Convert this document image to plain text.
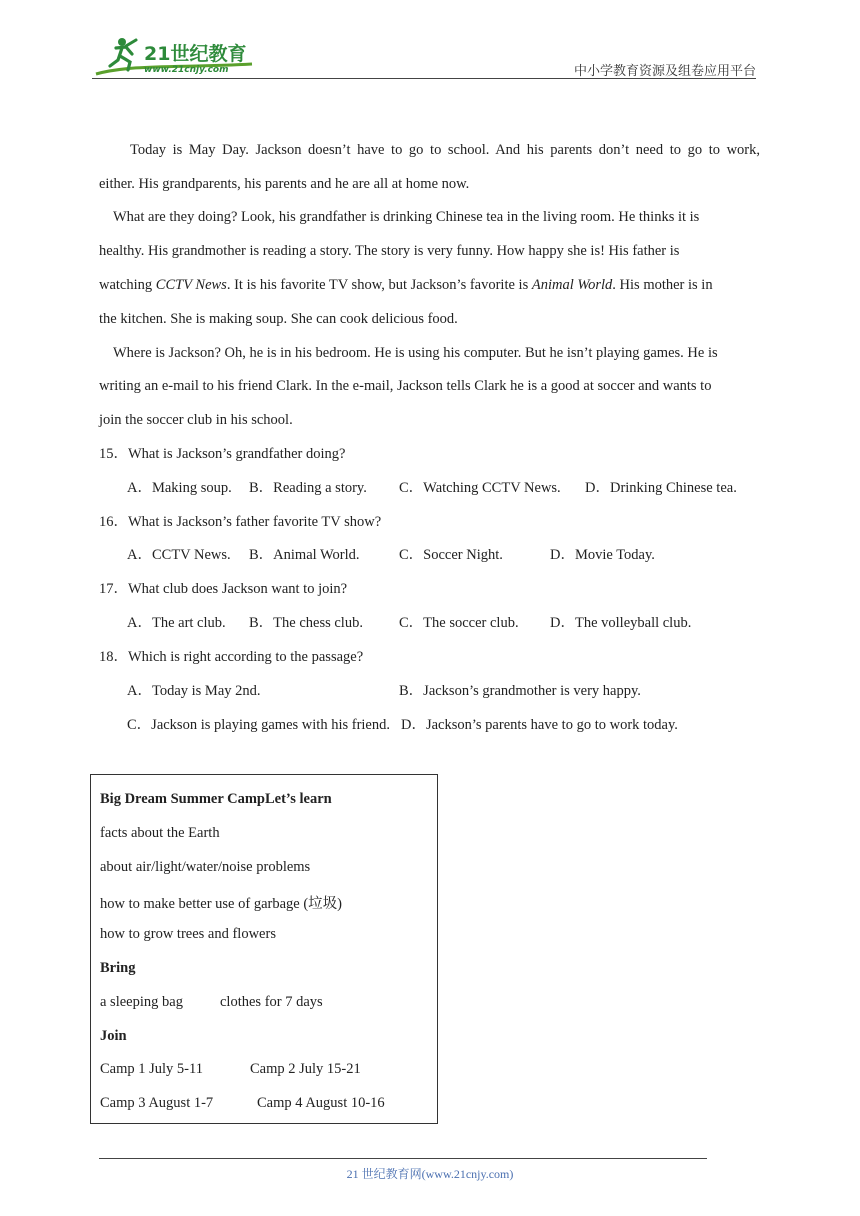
21世纪教育
www.21cnjy.com	中小学教育资源及组卷应用平台
Today is May Day. Jackson doesn’t have to go to school. And his parents don’t need to go to work,
either. His grandparents, his parents and he are all at home now.
What are they doing? Look, his grandfather is drinking Chinese tea in the living room. He thinks it is
healthy. His grandmother is reading a story. The story is very funny. How happy she is! His father is
watching CCTV News. It is his favorite TV show, but Jackson’s favorite is Animal World. His mother is in
the kitchen. She is making soup. She can cook delicious food.
Where is Jackson? Oh, he is in his bedroom. He is using his computer. But he isn’t playing games. He is
writing an e-mail to his friend Clark. In the e-mail, Jackson tells Clark he is a good at soccer and wants to
join the soccer club in his school.
15．What is Jackson’s grandfather doing?
A．Making soup. B．Reading a story. C．Watching CCTV News. D．Drinking Chinese tea.
16．What is Jackson’s father favorite TV show?
A．CCTV News. B．Animal World.	C．Soccer Night.	D．Movie Today.
17．What club does Jackson want to join?
A．The art club. B．The chess club. C．The soccer club. D．The volleyball club.
18．Which is right according to the passage?
A．Today is May 2nd.	B．Jackson’s grandmother is very happy.
C．Jackson is playing games with his friend. D．Jackson’s parents have to go to work today.
Big Dream Summer CampLet’s learn
facts about the Earth
about air/light/water/noise problems
how to make better use of garbage (垃圾)
how to grow trees and flowers
Bring
a sleeping bag	clothes for 7 days
Join
Camp 1 July 5-11	Camp 2 July 15-21
Camp 3 August 1-7	Camp 4 August 10-16
21 世纪教育网(www.21cnjy.com)
